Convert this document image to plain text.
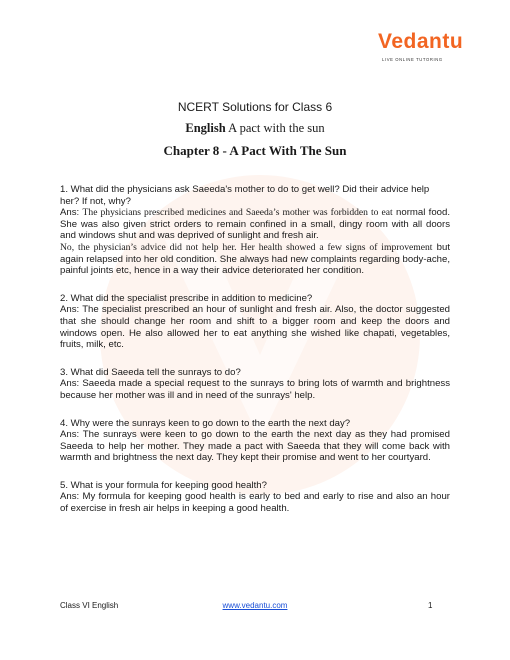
Vedantu
LIVE ONLINE TUTORING
NCERT Solutions for Class 6
English A pact with the sun
Chapter 8 - A Pact With The Sun

1. What did the physicians ask Saeeda's mother to do to get well? Did their advice help her? If not, why?

Ans: The physicians prescribed medicines and Saeeda’s mother was forbidden to eat normal food. She was also given strict orders to remain confined in a small, dingy room with all doors and windows shut and was deprived of sunlight and fresh air.

No, the physician’s advice did not help her. Her health showed a few signs of improvement but again relapsed into her old condition. She always had new complaints regarding body-ache, painful joints etc, hence in a way their advice deteriorated her condition.

2. What did the specialist prescribe in addition to medicine?

Ans: The specialist prescribed an hour of sunlight and fresh air. Also, the doctor suggested that she should change her room and shift to a bigger room and keep the doors and windows open. He also allowed her to eat anything she wished like chapati, vegetables, fruits, milk, etc.

3. What did Saeeda tell the sunrays to do?

Ans: Saeeda made a special request to the sunrays to bring lots of warmth and brightness because her mother was ill and in need of the sunrays' help.

4. Why were the sunrays keen to go down to the earth the next day?

Ans: The sunrays were keen to go down to the earth the next day as they had promised Saeeda to help her mother. They made a pact with Saeeda that they will come back with warmth and brightness the next day. They kept their promise and went to her courtyard.

5. What is your formula for keeping good health?

Ans: My formula for keeping good health is early to bed and early to rise and also an hour of exercise in fresh air helps in keeping a good health.

Class VI English	www.vedantu.com	1
